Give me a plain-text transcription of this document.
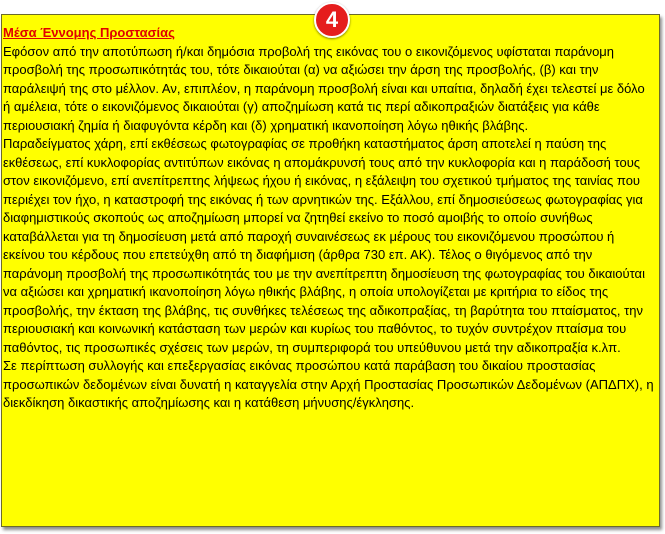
4

Μέσα Έννομης Προστασίας

Εφόσον από την αποτύπωση ή/και δημόσια προβολή της εικόνας του ο εικονιζόμενος υφίσταται παράνομη προσβολή της προσωπικότητάς του, τότε δικαιούται (α) να αξιώσει την άρση της προσβολής, (β) και την παράλειψή της στο μέλλον. Αν, επιπλέον, η παράνομη προσβολή είναι και υπαίτια, δηλαδή έχει τελεστεί με δόλο ή αμέλεια, τότε ο εικονιζόμενος δικαιούται (γ) αποζημίωση κατά τις περί αδικοπραξιών διατάξεις για κάθε περιουσιακή ζημία ή διαφυγόντα κέρδη και (δ) χρηματική ικανοποίηση λόγω ηθικής βλάβης.

Παραδείγματος χάρη, επί εκθέσεως φωτογραφίας σε προθήκη καταστήματος άρση αποτελεί η παύση της εκθέσεως, επί κυκλοφορίας αντιτύπων εικόνας η απομάκρυνσή τους από την κυκλοφορία και η παράδοσή τους στον εικονιζόμενο, επί ανεπίτρεπτης λήψεως ήχου ή εικόνας, η εξάλειψη του σχετικού τμήματος της ταινίας που περιέχει τον ήχο, η καταστροφή της εικόνας ή των αρνητικών της. Εξάλλου, επί δημοσιεύσεως φωτογραφίας για διαφημιστικούς σκοπούς ως αποζημίωση μπορεί να ζητηθεί εκείνο το ποσό αμοιβής το οποίο συνήθως καταβάλλεται για τη δημοσίευση μετά από παροχή συναινέσεως εκ μέρους του εικονιζόμενου προσώπου ή εκείνου του κέρδους που επετεύχθη από τη διαφήμιση (άρθρα 730 επ. ΑΚ). Τέλος ο θιγόμενος από την παράνομη προσβολή της προσωπικότητάς του με την ανεπίτρεπτη δημοσίευση της φωτογραφίας του δικαιούται να αξιώσει και χρηματική ικανοποίηση λόγω ηθικής βλάβης, η οποία υπολογίζεται με κριτήρια το είδος της προσβολής, την έκταση της βλάβης, τις συνθήκες τελέσεως της αδικοπραξίας, τη βαρύτητα του πταίσματος, την περιουσιακή και κοινωνική κατάσταση των μερών και κυρίως του παθόντος, το τυχόν συντρέχον πταίσμα του παθόντος, τις προσωπικές σχέσεις των μερών, τη συμπεριφορά του υπεύθυνου μετά την αδικοπραξία κ.λπ.

Σε περίπτωση συλλογής και επεξεργασίας εικόνας προσώπου κατά παράβαση του δικαίου προστασίας προσωπικών δεδομένων είναι δυνατή η καταγγελία στην Αρχή Προστασίας Προσωπικών Δεδομένων (ΑΠΔΠΧ), η διεκδίκηση δικαστικής αποζημίωσης και η κατάθεση μήνυσης/έγκλησης.
